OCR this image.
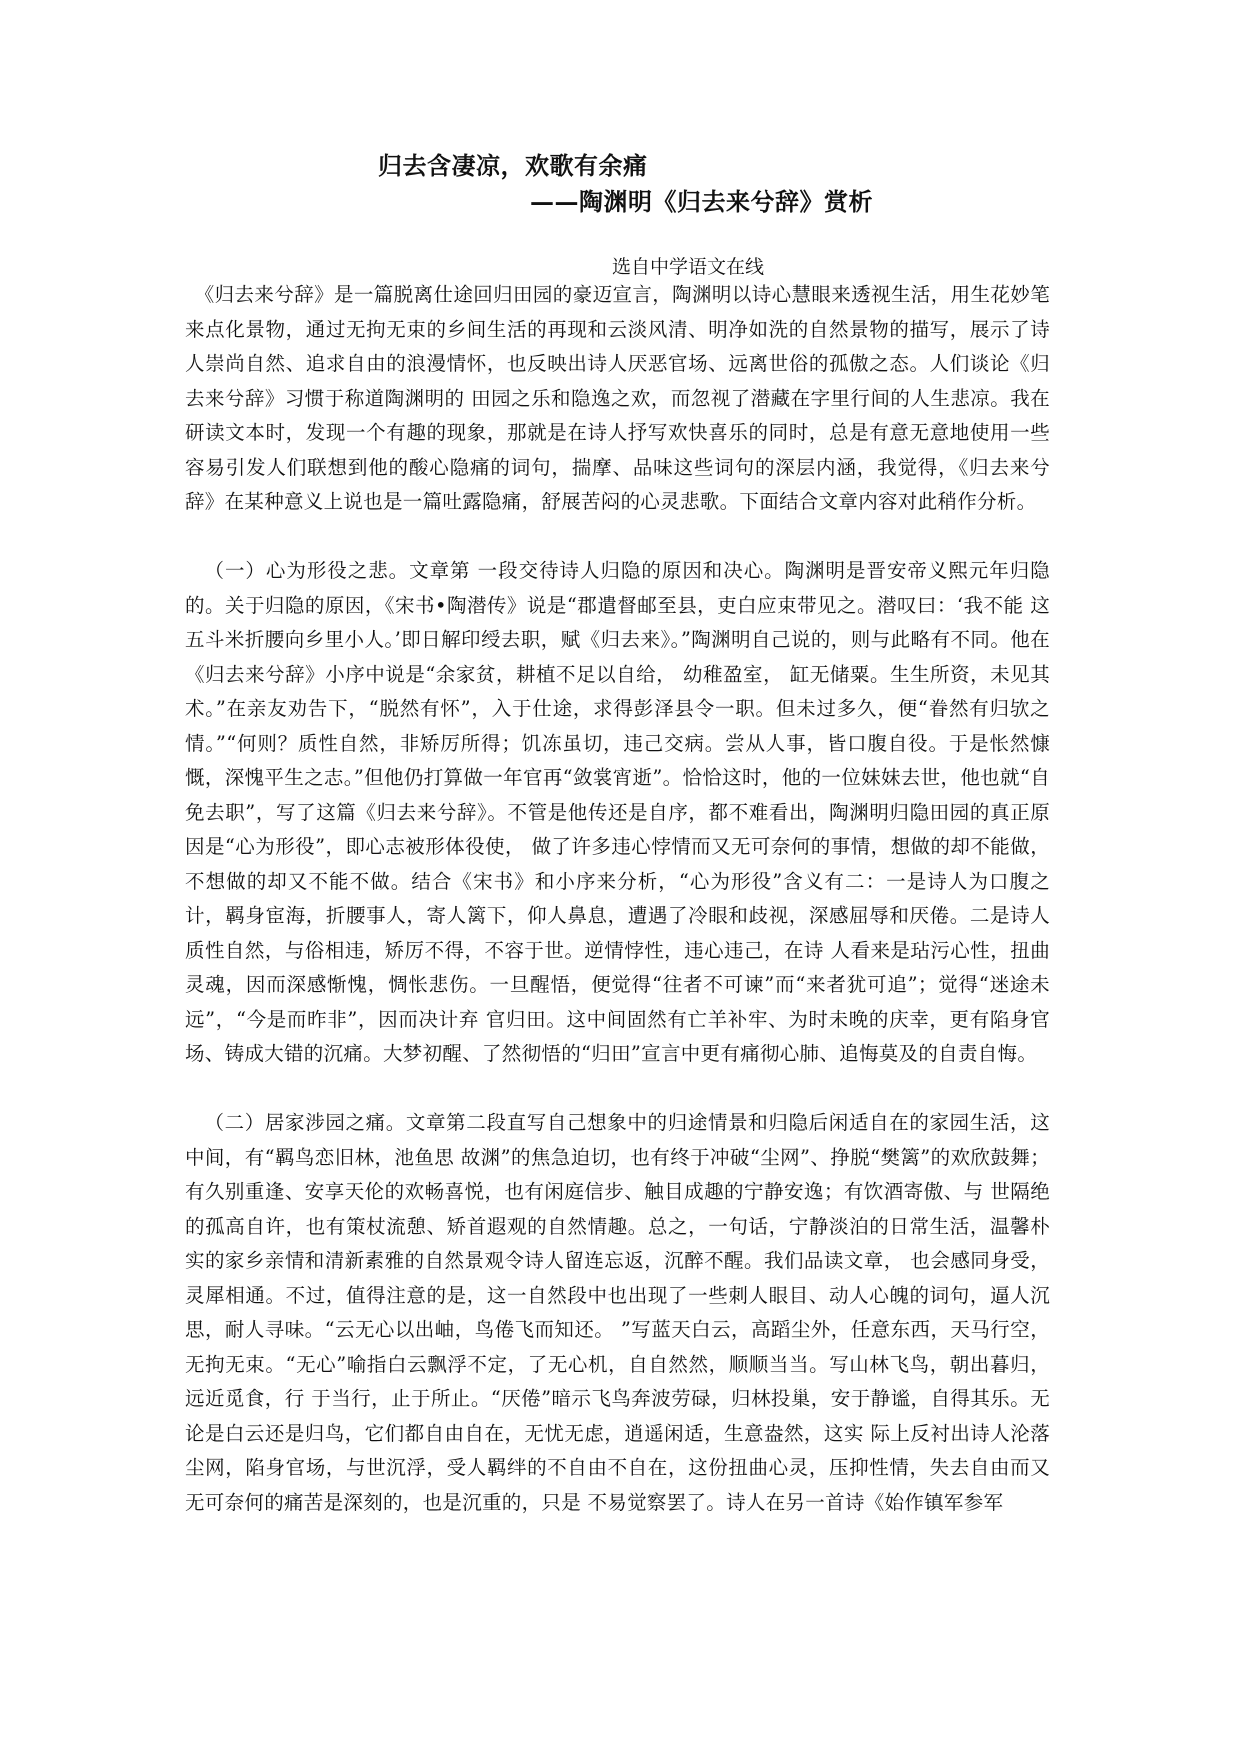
归去含凄凉，欢歌有余痛
——陶渊明《归去来兮辞》赏析
选自中学语文在线

《归去来兮辞》是一篇脱离仕途回归田园的豪迈宣言，陶渊明以诗心慧眼来透视生活，用生花妙笔来点化景物，通过无拘无束的乡间生活的再现和云淡风清、明净如洗的自然景物的描写，展示了诗人崇尚自然、追求自由的浪漫情怀，也反映出诗人厌恶官场、远离世俗的孤傲之态。人们谈论《归去来兮辞》习惯于称道陶渊明的 田园之乐和隐逸之欢，而忽视了潜藏在字里行间的人生悲凉。我在研读文本时，发现一个有趣的现象，那就是在诗人抒写欢快喜乐的同时，总是有意无意地使用一些容易引发人们联想到他的酸心隐痛的词句，揣摩、品味这些词句的深层内涵，我觉得，《归去来兮辞》在某种意义上说也是一篇吐露隐痛，舒展苦闷的心灵悲歌。下面结合文章内容对此稍作分析。

（一）心为形役之悲。文章第 一段交待诗人归隐的原因和决心。陶渊明是晋安帝义熙元年归隐的。关于归隐的原因，《宋书•陶潜传》说是“郡遣督邮至县，吏白应束带见之。潜叹曰：‘我不能 这五斗米折腰向乡里小人。’即日解印绶去职，赋《归去来》。”陶渊明自己说的，则与此略有不同。他在《归去来兮辞》小序中说是“余家贫，耕植不足以自给， 幼稚盈室， 缸无储粟。生生所资，未见其术。”在亲友劝告下，“脱然有怀”，入于仕途，求得彭泽县令一职。但未过多久，便“眷然有归欤之情。”“何则？质性自然，非矫厉所得；饥冻虽切，违己交病。尝从人事，皆口腹自役。于是怅然慷慨，深愧平生之志。”但他仍打算做一年官再“敛裳宵逝”。恰恰这时，他的一位妹妹去世，他也就“自免去职”，写了这篇《归去来兮辞》。不管是他传还是自序，都不难看出，陶渊明归隐田园的真正原因是“心为形役”，即心志被形体役使， 做了许多违心悖情而又无可奈何的事情，想做的却不能做，不想做的却又不能不做。结合《宋书》和小序来分析，“心为形役”含义有二：一是诗人为口腹之计，羁身宦海，折腰事人，寄人篱下，仰人鼻息，遭遇了冷眼和歧视，深感屈辱和厌倦。二是诗人质性自然，与俗相违，矫厉不得，不容于世。逆情悖性，违心违己，在诗 人看来是玷污心性，扭曲灵魂，因而深感惭愧，惆怅悲伤。一旦醒悟，便觉得“往者不可谏”而“来者犹可追”；觉得“迷途未远”，“今是而昨非”，因而决计弃 官归田。这中间固然有亡羊补牢、为时未晚的庆幸，更有陷身官场、铸成大错的沉痛。大梦初醒、了然彻悟的“归田”宣言中更有痛彻心肺、追悔莫及的自责自悔。

（二）居家涉园之痛。文章第二段直写自己想象中的归途情景和归隐后闲适自在的家园生活，这中间，有“羁鸟恋旧林，池鱼思 故渊”的焦急迫切，也有终于冲破“尘网”、挣脱“樊篱”的欢欣鼓舞；有久别重逢、安享天伦的欢畅喜悦，也有闲庭信步、触目成趣的宁静安逸；有饮酒寄傲、与 世隔绝的孤高自许，也有策杖流憩、矫首遐观的自然情趣。总之，一句话，宁静淡泊的日常生活，温馨朴实的家乡亲情和清新素雅的自然景观令诗人留连忘返，沉醉不醒。我们品读文章， 也会感同身受，灵犀相通。不过，值得注意的是，这一自然段中也出现了一些刺人眼目、动人心魄的词句，逼人沉思，耐人寻味。“云无心以出岫，鸟倦飞而知还。 ”写蓝天白云，高蹈尘外，任意东西，天马行空，无拘无束。“无心”喻指白云飘浮不定，了无心机，自自然然，顺顺当当。写山林飞鸟，朝出暮归，远近觅食，行 于当行，止于所止。“厌倦”暗示飞鸟奔波劳碌，归林投巢，安于静谧，自得其乐。无论是白云还是归鸟，它们都自由自在，无忧无虑，逍遥闲适，生意盎然，这实 际上反衬出诗人沦落尘网，陷身官场，与世沉浮，受人羁绊的不自由不自在，这份扭曲心灵，压抑性情，失去自由而又无可奈何的痛苦是深刻的，也是沉重的，只是 不易觉察罢了。诗人在另一首诗《始作镇军参军
